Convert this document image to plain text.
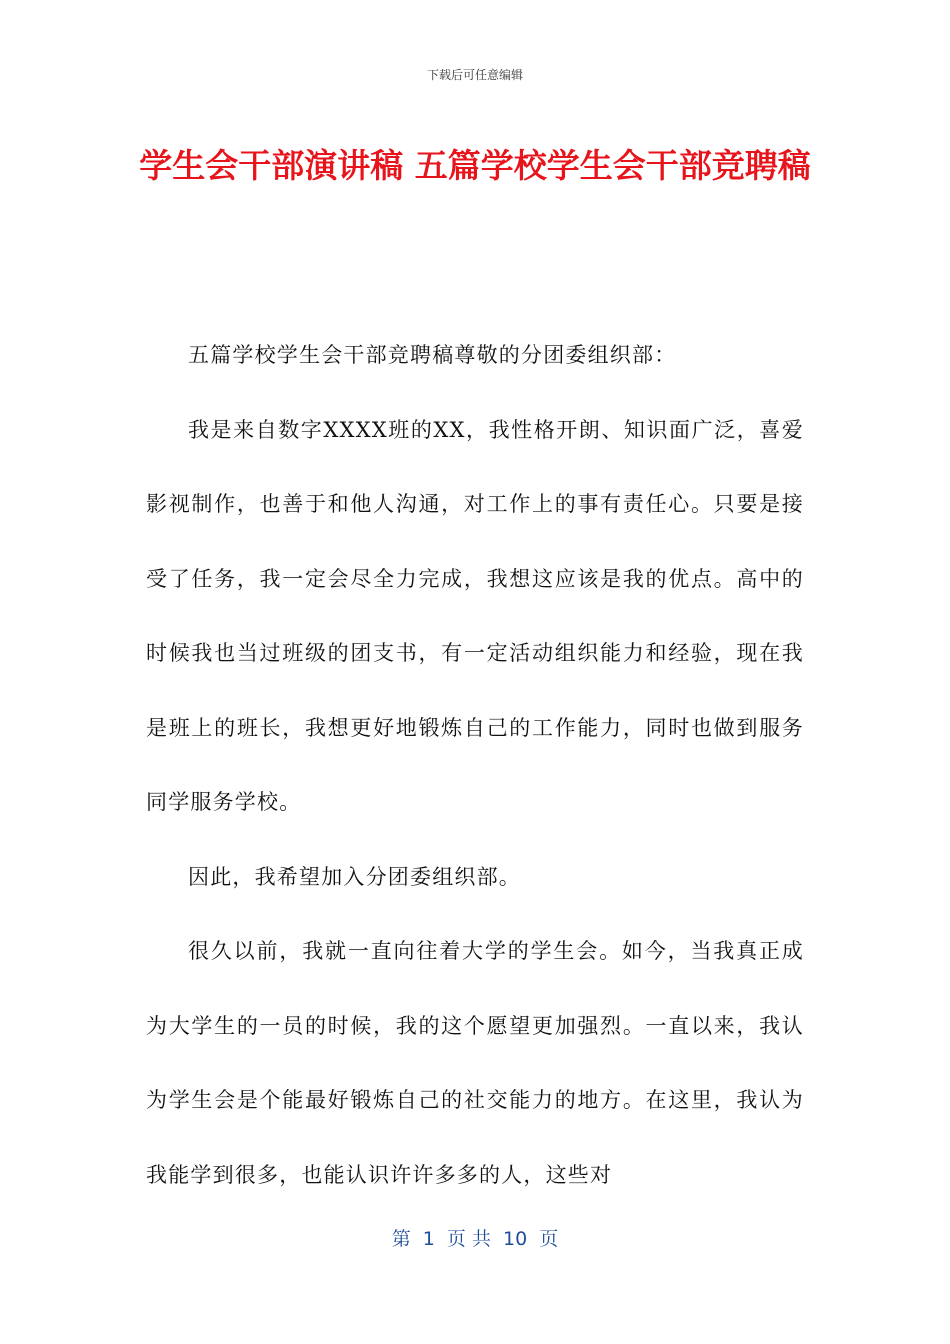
下载后可任意编辑
学生会干部演讲稿 五篇学校学生会干部竞聘稿

五篇学校学生会干部竞聘稿尊敬的分团委组织部：

我是来自数字XXXX班的XX，我性格开朗、知识面广泛，喜爱影视制作，也善于和他人沟通，对工作上的事有责任心。只要是接受了任务，我一定会尽全力完成，我想这应该是我的优点。高中的时候我也当过班级的团支书，有一定活动组织能力和经验，现在我是班上的班长，我想更好地锻炼自己的工作能力，同时也做到服务同学服务学校。

因此，我希望加入分团委组织部。

很久以前，我就一直向往着大学的学生会。如今，当我真正成为大学生的一员的时候，我的这个愿望更加强烈。一直以来，我认为学生会是个能最好锻炼自己的社交能力的地方。在这里，我认为我能学到很多，也能认识许许多多的人，这些对

第  1  页 共  10  页
